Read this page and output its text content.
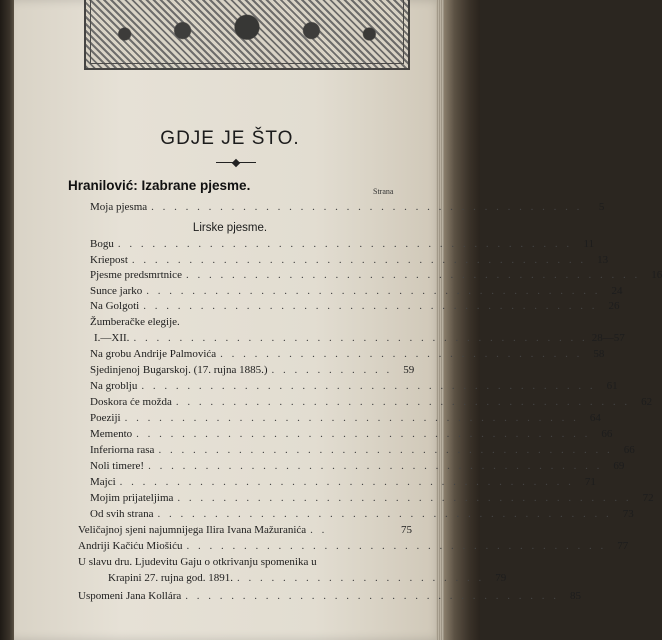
GDJE JE ŠTO.
Hranilović: Izabrane pjesme.	Strana
Moja pjesma . . . . . . . . . . . . . . . . . . . . . . . . . . . . . . . . . . . . . .	5
Lirske pjesme.
Bogu . . . . . . . . . . . . . . . . . . . . . . . . . . . . . . . . . . . . . . . .	11
Kriepost . . . . . . . . . . . . . . . . . . . . . . . . . . . . . . . . . . . . . . . .	13
Pjesme predsmrtnice . . . . . . . . . . . . . . . . . . . . . . . . . . . . . . . . . . . . . . . .	16
Sunce jarko . . . . . . . . . . . . . . . . . . . . . . . . . . . . . . . . . . . . . . . .	24
Na Golgoti . . . . . . . . . . . . . . . . . . . . . . . . . . . . . . . . . . . . . . . .	26
Žumberačke elegije.
I.—XII. . . . . . . . . . . . . . . . . . . . . . . . . . . . . . . . . . . . . . . . . 28—57
Na grobu Andrije Palmovića . . . . . . . . . . . . . . . . . . . . . . . . . . . . . . . .	58
Sjedinjenoj Bugarskoj. (17. rujna 1885.) . . . . . . . . . . .	59
Na groblju . . . . . . . . . . . . . . . . . . . . . . . . . . . . . . . . . . . . . . . .	61
Doskora će možda . . . . . . . . . . . . . . . . . . . . . . . . . . . . . . . . . . . . . . . .	62
Poeziji . . . . . . . . . . . . . . . . . . . . . . . . . . . . . . . . . . . . . . . .	64
Memento . . . . . . . . . . . . . . . . . . . . . . . . . . . . . . . . . . . . . . . .	66
Inferiorna rasa . . . . . . . . . . . . . . . . . . . . . . . . . . . . . . . . . . . . . . . .	66
Noli timere! . . . . . . . . . . . . . . . . . . . . . . . . . . . . . . . . . . . . . . . .	69
Majci . . . . . . . . . . . . . . . . . . . . . . . . . . . . . . . . . . . . . . . .	71
Mojim prijateljima . . . . . . . . . . . . . . . . . . . . . . . . . . . . . . . . . . . . . . . .	72
Od svih strana . . . . . . . . . . . . . . . . . . . . . . . . . . . . . . . . . . . . . . . .	73
Veličajnoj sjeni najumnijega Ilira Ivana Mažuranića . .	75
Andriji Kačiću Miošiću . . . . . . . . . . . . . . . . . . . . . . . . . . . . . . . . . . . . .	77
U slavu dru. Ljudevitu Gaju o otkrivanju spomenika u
Krapini 27. rujna god. 1891. . . . . . . . . . . . . . . . . . . . . . .	79
Uspomeni Jana Kollára . . . . . . . . . . . . . . . . . . . . . . . . . . . . . . . . .	85
